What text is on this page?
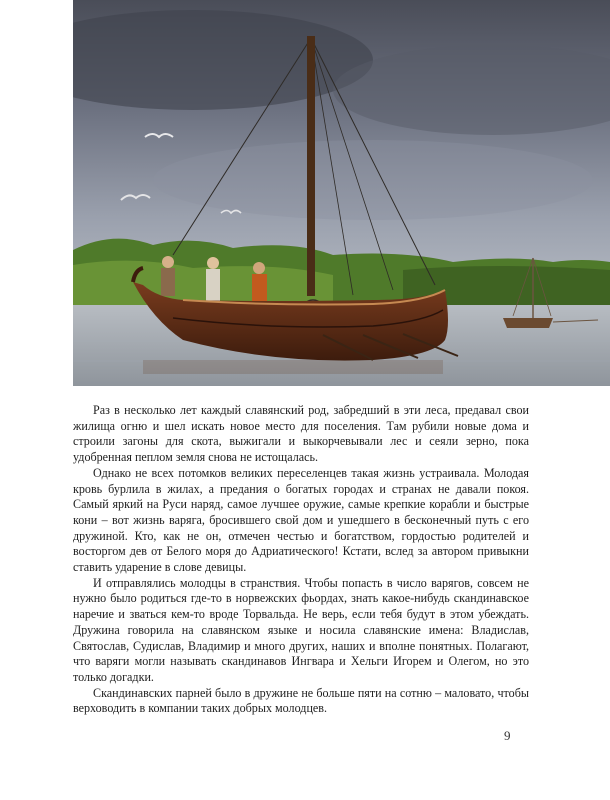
Раз в несколько лет каждый славянский род, забредший в эти леса, предавал свои жилища огню и шел искать новое место для поселения. Там рубили новые дома и строили загоны для скота, выжигали и выкорчевывали лес и сеяли зерно, пока удобренная пеплом земля снова не истощалась.

Однако не всех потомков великих переселенцев такая жизнь устраивала. Молодая кровь бурлила в жилах, а предания о богатых городах и странах не давали покоя. Самый яркий на Руси наряд, самое лучшее оружие, самые крепкие корабли и быстрые кони – вот жизнь варяга, бросившего свой дом и ушедшего в бесконечный путь с его дружиной. Кто, как не он, отмечен честью и богатством, гордостью родителей и восторгом дев от Белого моря до Адриатического! Кстати, вслед за автором привыкни ставить ударение в слове девицы.

И отправлялись молодцы в странствия. Чтобы попасть в число варягов, совсем не нужно было родиться где-то в норвежских фьордах, знать какое-нибудь скандинавское наречие и зваться кем-то вроде Торвальда. Не верь, если тебя будут в этом убеждать. Дружина говорила на славянском языке и носила славянские имена: Владислав, Святослав, Судислав, Владимир и много других, наших и вполне понятных. Полагают, что варяги могли называть скандинавов Ингвара и Хельги Игорем и Олегом, но это только догадки.

Скандинавских парней было в дружине не больше пяти на сотню – маловато, чтобы верховодить в компании таких добрых молодцев.

9
